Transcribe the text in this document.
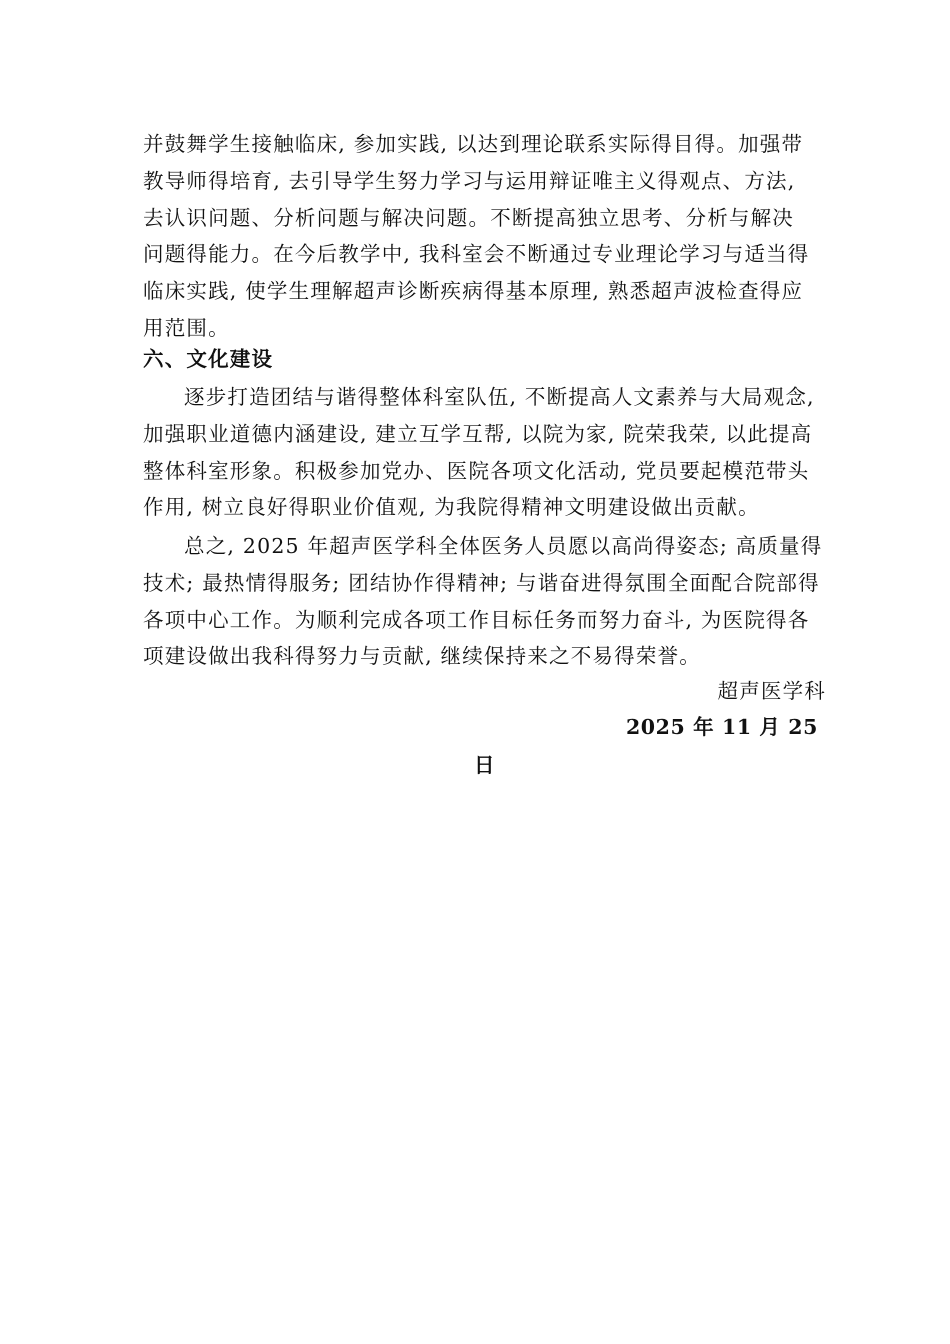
并鼓舞学生接触临床, 参加实践, 以达到理论联系实际得目得。加强带
教导师得培育, 去引导学生努力学习与运用辩证唯主义得观点、方法,
去认识问题、分析问题与解决问题。不断提高独立思考、分析与解决
问题得能力。在今后教学中, 我科室会不断通过专业理论学习与适当得
临床实践, 使学生理解超声诊断疾病得基本原理, 熟悉超声波检查得应
用范围。
六、文化建设
逐步打造团结与谐得整体科室队伍, 不断提高人文素养与大局观念,
加强职业道德内涵建设, 建立互学互帮, 以院为家, 院荣我荣, 以此提高
整体科室形象。积极参加党办、医院各项文化活动, 党员要起模范带头
作用, 树立良好得职业价值观, 为我院得精神文明建设做出贡献。
总之, 2025 年超声医学科全体医务人员愿以高尚得姿态; 高质量得
技术; 最热情得服务; 团结协作得精神; 与谐奋进得氛围全面配合院部得
各项中心工作。为顺利完成各项工作目标任务而努力奋斗, 为医院得各
项建设做出我科得努力与贡献, 继续保持来之不易得荣誉。
超声医学科
2025 年 11 月 25
日
